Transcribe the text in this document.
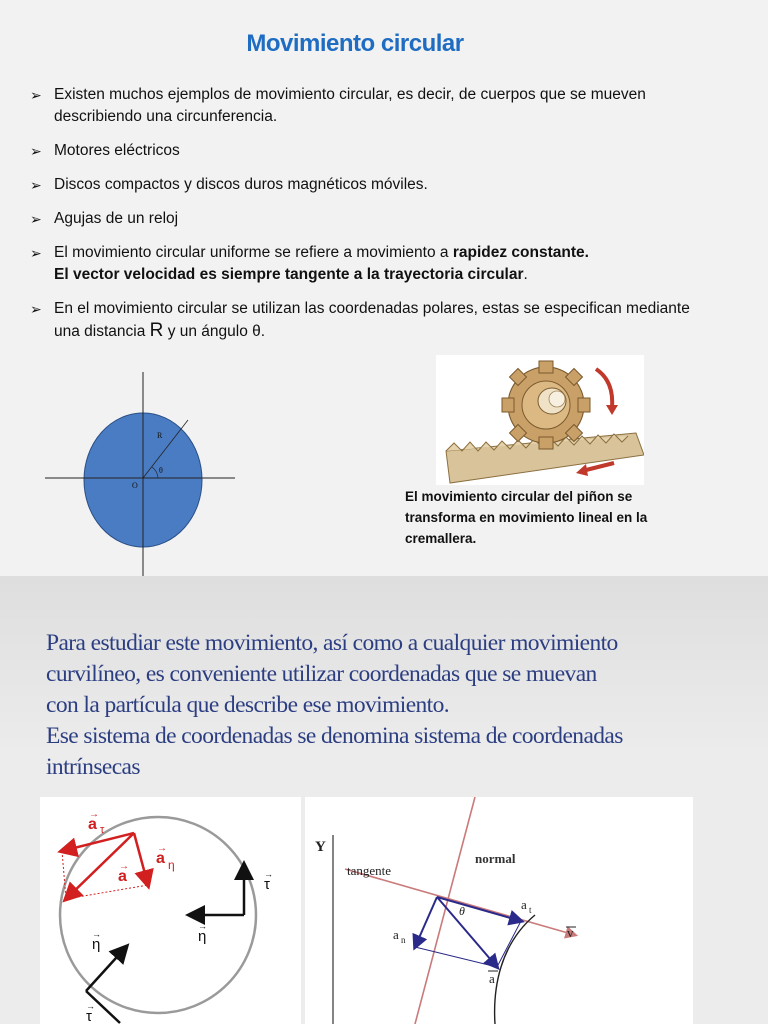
Movimiento circular
➢ Existen muchos ejemplos de movimiento circular, es decir, de cuerpos que se mueven describiendo una circunferencia.
➢ Motores eléctricos
➢ Discos compactos y discos duros magnéticos móviles.
➢ Agujas de un reloj
➢ El movimiento circular uniforme se refiere a movimiento a rapidez constante.
El vector velocidad es siempre tangente a la trayectoria circular.
➢ En el movimiento circular se utilizan las coordenadas polares, estas se especifican mediante una distancia R y un ángulo θ.
R
θ
O
El movimiento circular del piñon se transforma en movimiento lineal en la cremallera.
Para estudiar este movimiento, así como a cualquier movimiento
curvilíneo, es conveniente utilizar coordenadas que se muevan
con la partícula que describe ese movimiento.
Ese sistema de coordenadas se denomina sistema de coordenadas
intrínsecas
a τ
→
a η
→
a
→
τ
→
η
→
η
→
τ
→
Y
tangente
normal
θ	a t
a n	v
a
